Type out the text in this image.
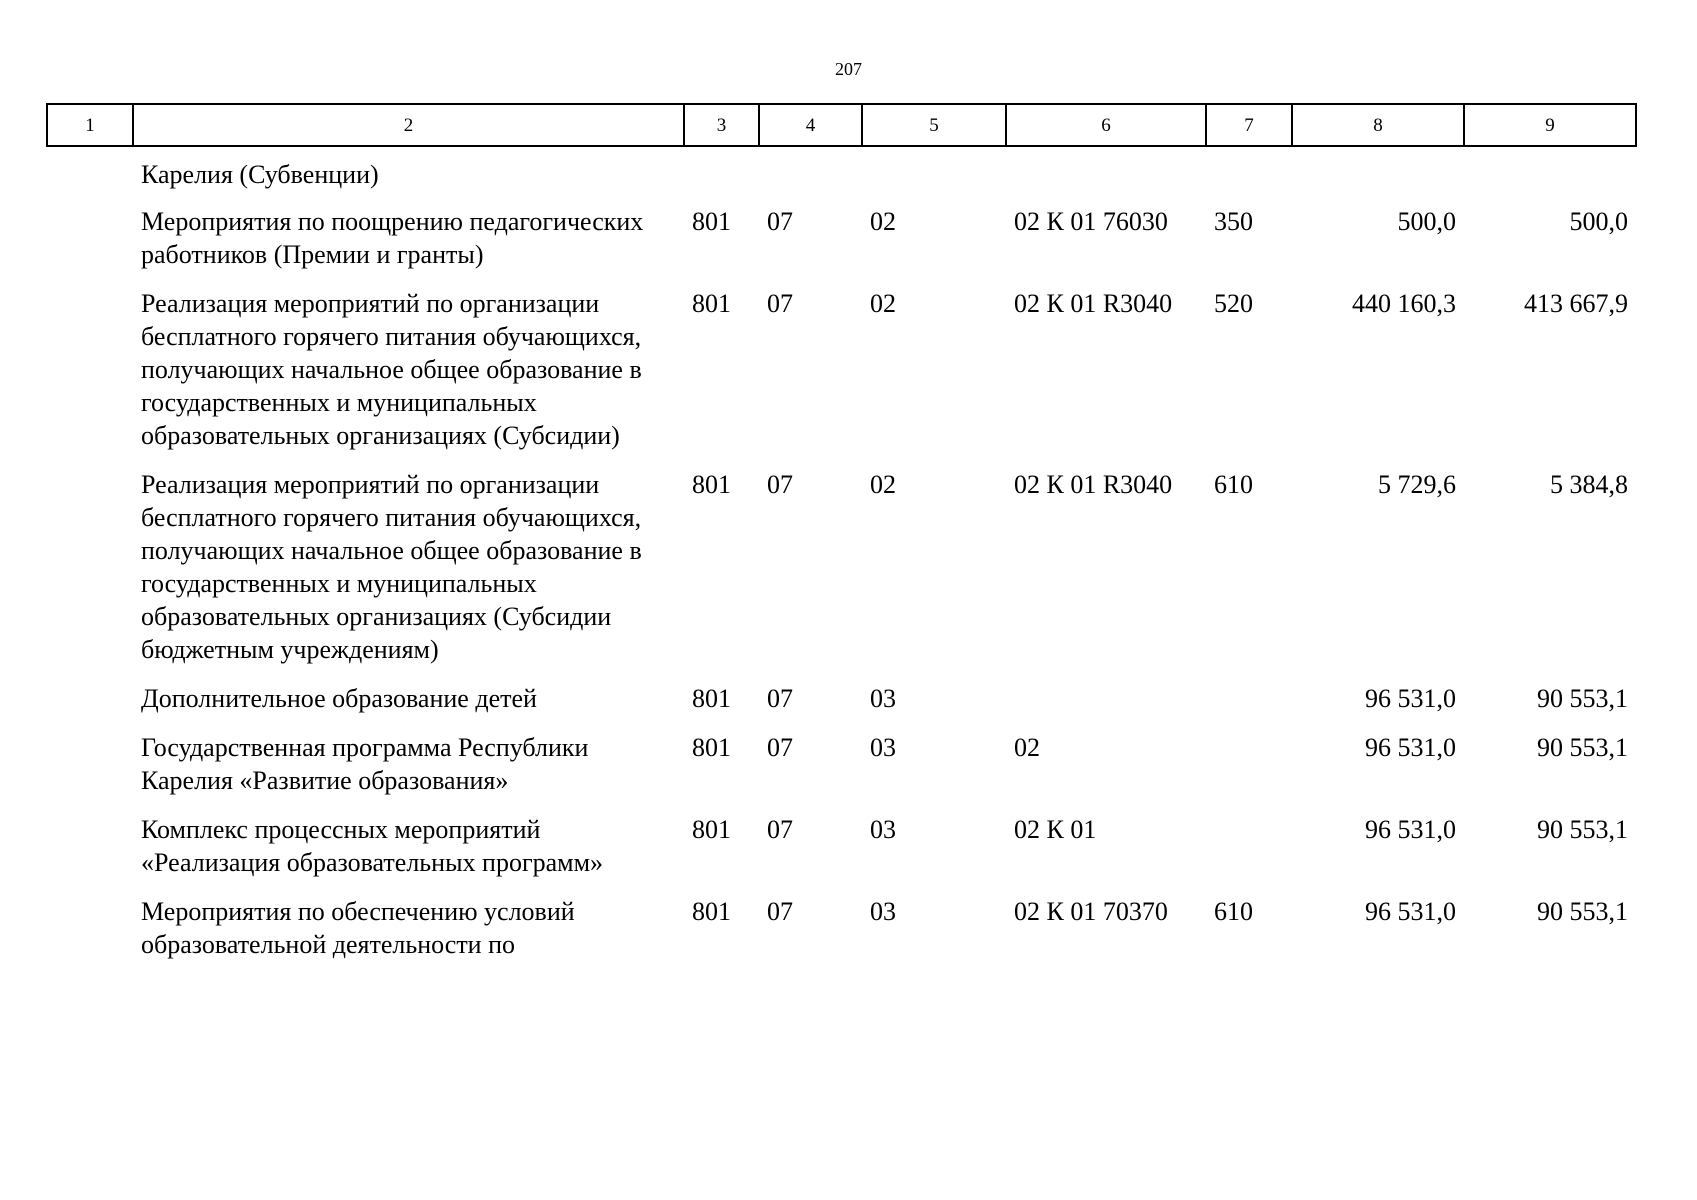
207
1	2	3	4	5	6	7	8	9
	Карелия (Субвенции)							
	Мероприятия по поощрению педагогических работников (Премии и гранты)	801	07	02	02 К 01 76030	350	500,0	500,0
	Реализация мероприятий по организации бесплатного горячего питания обучающихся, получающих начальное общее образование в государственных и муниципальных образовательных организациях (Субсидии)	801	07	02	02 К 01 R3040	520	440 160,3	413 667,9
	Реализация мероприятий по организации бесплатного горячего питания обучающихся, получающих начальное общее образование в государственных и муниципальных образовательных организациях (Субсидии бюджетным учреждениям)	801	07	02	02 К 01 R3040	610	5 729,6	5 384,8
	Дополнительное образование детей	801	07	03			96 531,0	90 553,1
	Государственная программа Республики Карелия «Развитие образования»	801	07	03	02		96 531,0	90 553,1
	Комплекс процессных мероприятий «Реализация образовательных программ»	801	07	03	02 К 01		96 531,0	90 553,1
	Мероприятия по обеспечению условий образовательной деятельности по	801	07	03	02 К 01 70370	610	96 531,0	90 553,1
